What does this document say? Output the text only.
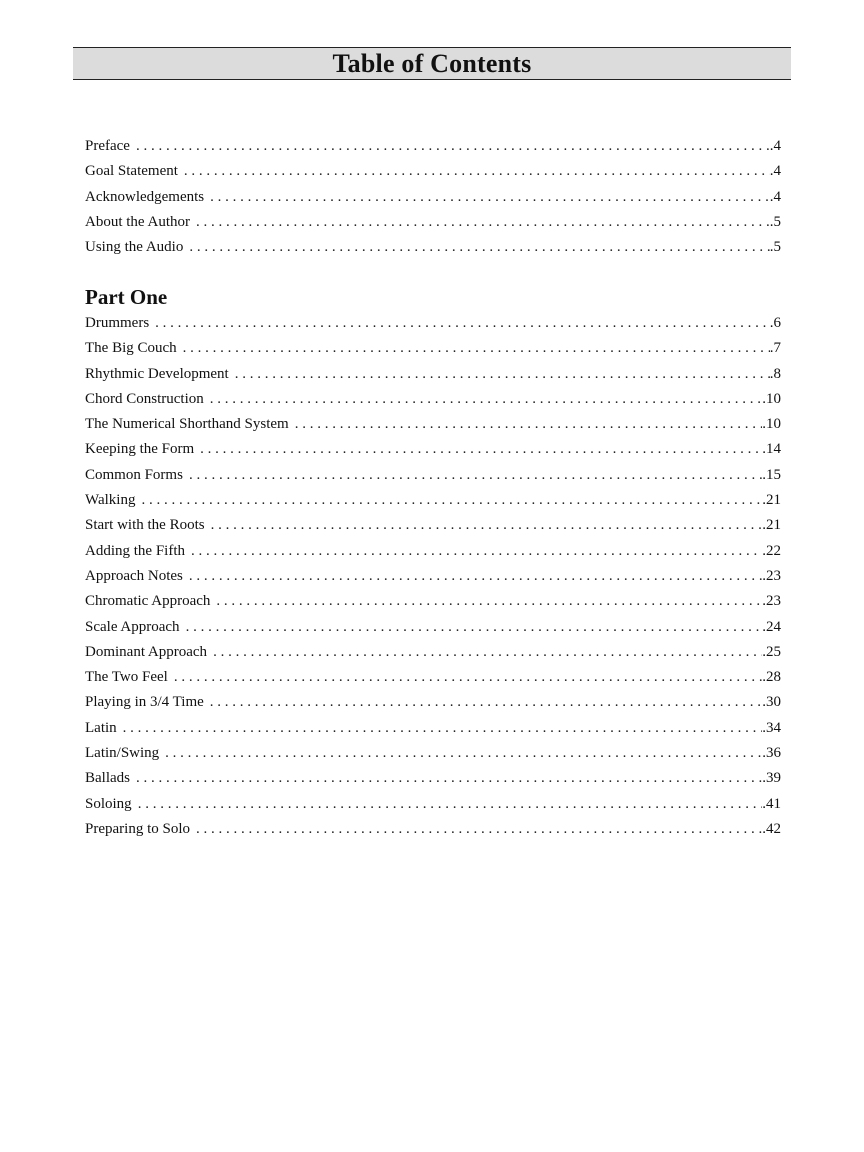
Table of Contents
Preface . . .	.4
Goal Statement . . .	.4
Acknowledgements . . .	.4
About the Author . . .	.5
Using the Audio . . .	.5
Part One
Drummers . . .	.6
The Big Couch . . .	.7
Rhythmic Development . . .	.8
Chord Construction . . .	.10
The Numerical Shorthand System . . .	.10
Keeping the Form . . .	.14
Common Forms . . .	.15
Walking . . .	.21
Start with the Roots . . .	.21
Adding the Fifth . . .	.22
Approach Notes . . .	.23
Chromatic Approach . . .	.23
Scale Approach . . .	.24
Dominant Approach . . .	.25
The Two Feel . . .	.28
Playing in 3/4 Time . . .	.30
Latin . . .	.34
Latin/Swing . . .	.36
Ballads . . .	.39
Soloing . . .	.41
Preparing to Solo . . .	.42
